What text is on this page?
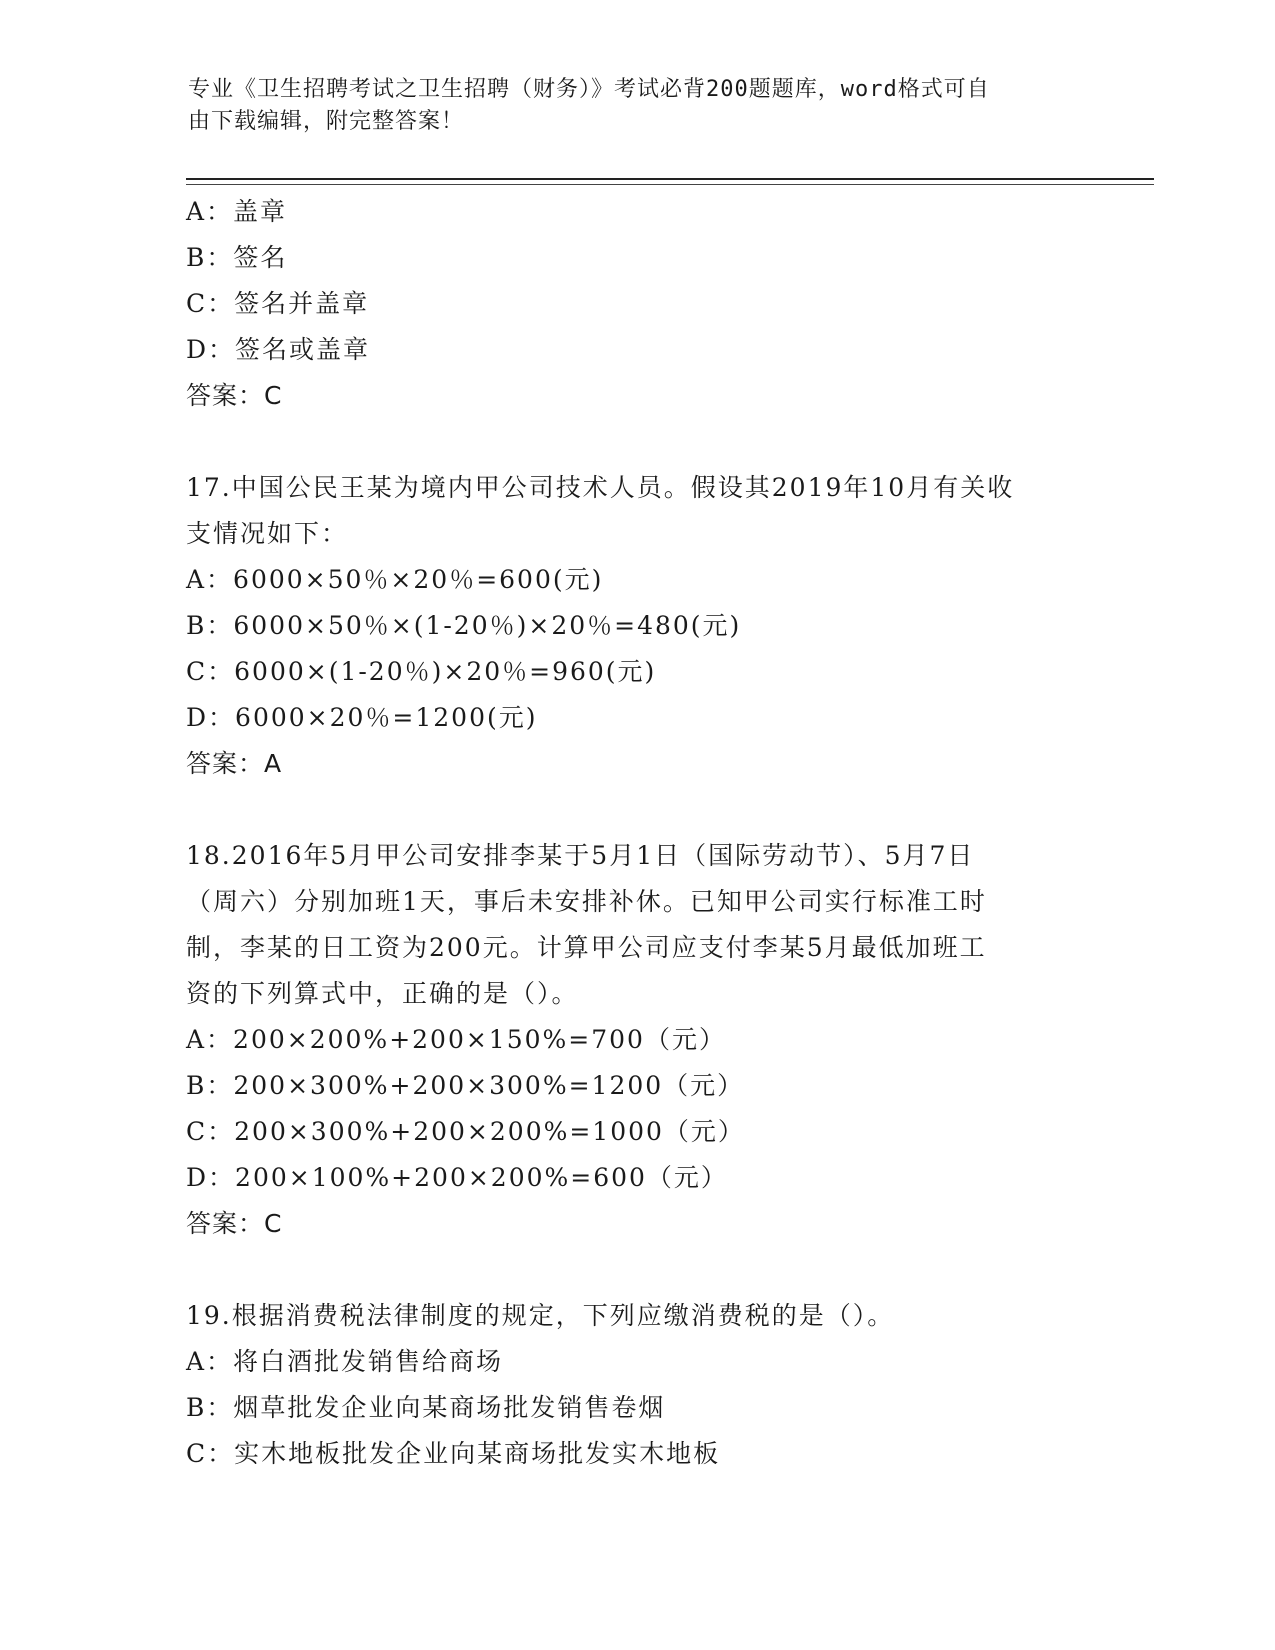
专业《卫生招聘考试之卫生招聘（财务）》考试必背200题题库，word格式可自
由下载编辑，附完整答案！
A：盖章
B：签名
C：签名并盖章
D：签名或盖章
答案：C
17.中国公民王某为境内甲公司技术人员。假设其2019年10月有关收
支情况如下：
A：6000×50％×20％=600(元)
B：6000×50％×(1-20％)×20％=480(元)
C：6000×(1-20％)×20％=960(元)
D：6000×20％=1200(元)
答案：A
18.2016年5月甲公司安排李某于5月1日（国际劳动节）、5月7日
（周六）分别加班1天，事后未安排补休。已知甲公司实行标准工时
制，李某的日工资为200元。计算甲公司应支付李某5月最低加班工
资的下列算式中，正确的是（）。
A：200×200%+200×150%=700（元）
B：200×300%+200×300%=1200（元）
C：200×300%+200×200%=1000（元）
D：200×100%+200×200%=600（元）
答案：C
19.根据消费税法律制度的规定，下列应缴消费税的是（）。
A：将白酒批发销售给商场
B：烟草批发企业向某商场批发销售卷烟
C：实木地板批发企业向某商场批发实木地板
